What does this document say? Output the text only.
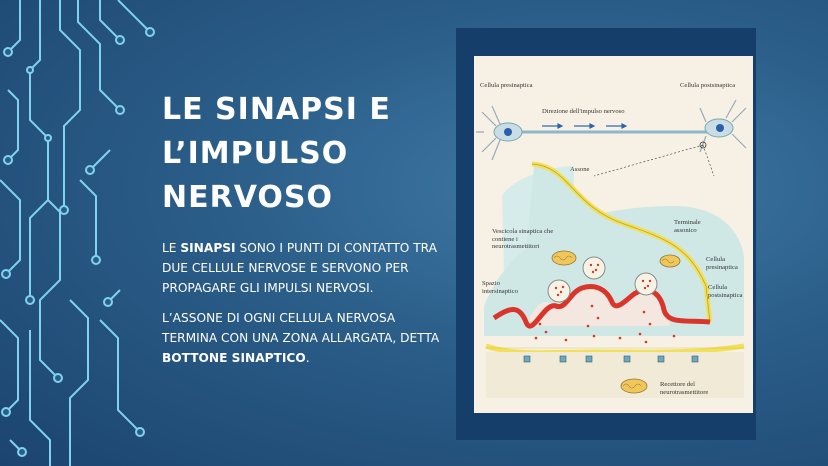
LE SINAPSI E
L’IMPULSO
NERVOSO

LE SINAPSI SONO I PUNTI DI CONTATTO TRA DUE CELLULE NERVOSE E SERVONO PER PROPAGARE GLI IMPULSI NERVOSI.

L’ASSONE DI OGNI CELLULA NERVOSA TERMINA CON UNA ZONA ALLARGATA, DETTA BOTTONE SINAPTICO.

Cellula presinaptica	Cellula postsinaptica
Direzione dell'impulso nervoso
Assone
Vescicola sinaptica che contiene i neurotrasmettitori
Terminale assonico
Cellula presinaptica
Spazio intersinaptico	Cellula postsinaptica
Recettore del neurotrasmettitore
